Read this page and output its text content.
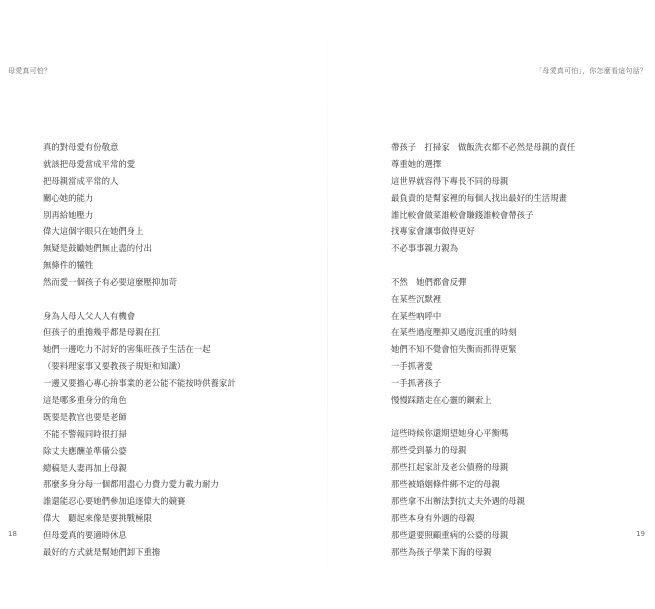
母愛真可怕？
真的對母愛有份敬意
就該把母愛當成平常的愛
把母親當成平常的人
關心她的能力
別再給她壓力
偉大這個字眼只在她們身上
無疑是鼓勵她們無止盡的付出
無條件的犧牲
然而愛一個孩子有必要這麼壓抑加苛
身為人母人父人人有機會
但孩子的重擔幾乎都是母親在扛
她們一邊吃力不討好的害集旺孩子生活在一起
（要料理家事又要教孩子規矩和知識）
一邊又要擔心專心拚事業的老公能不能按時供養家計
這是哪多重身分的角色
既要是教官也要是老師
不能不警報同時很打掃
除丈夫應酬並準備公婆
總稿是人妻再加上母親
那麼多身分每一個都用盡心力費力愛力載力耐力
誰還能忍心要她們參加追逐偉大的競賽
偉大　聽起來像是要挑戰極限
但母愛真的要適時休息
最好的方式就是幫她們卸下重擔
18
「母愛真可怕」，你怎麼看這句話？
帶孩子　打掃家　做飯洗衣都不必然是母親的責任
尊重她的選擇
這世界就容得下專長不同的母親
最負責的是幫家裡的每個人找出最好的生活規畫
誰比較會做菜誰較會賺錢誰較會帶孩子
找專家會讓事做得更好
不必事事親力親為
不然　她們都會反彈
在某些沉默裡
在某些吶呼中
在某些過度壓抑又過度沉重的時刻
她們不知不覺會怕失衡而抓得更緊
一手抓著愛
一手抓著孩子
慢慢踩踏走在心靈的鋼索上
這些時候你還期望她身心平衡嗎
那些受到暴力的母親
那些扛起家計及老公債務的母親
那些被婚姻條件綁不定的母親
那些拿不出辦法對抗丈夫外遇的母親
那些本身有外遇的母親
那些還要照顧重病的公婆的母親
那些為孩子學業下海的母親
19
